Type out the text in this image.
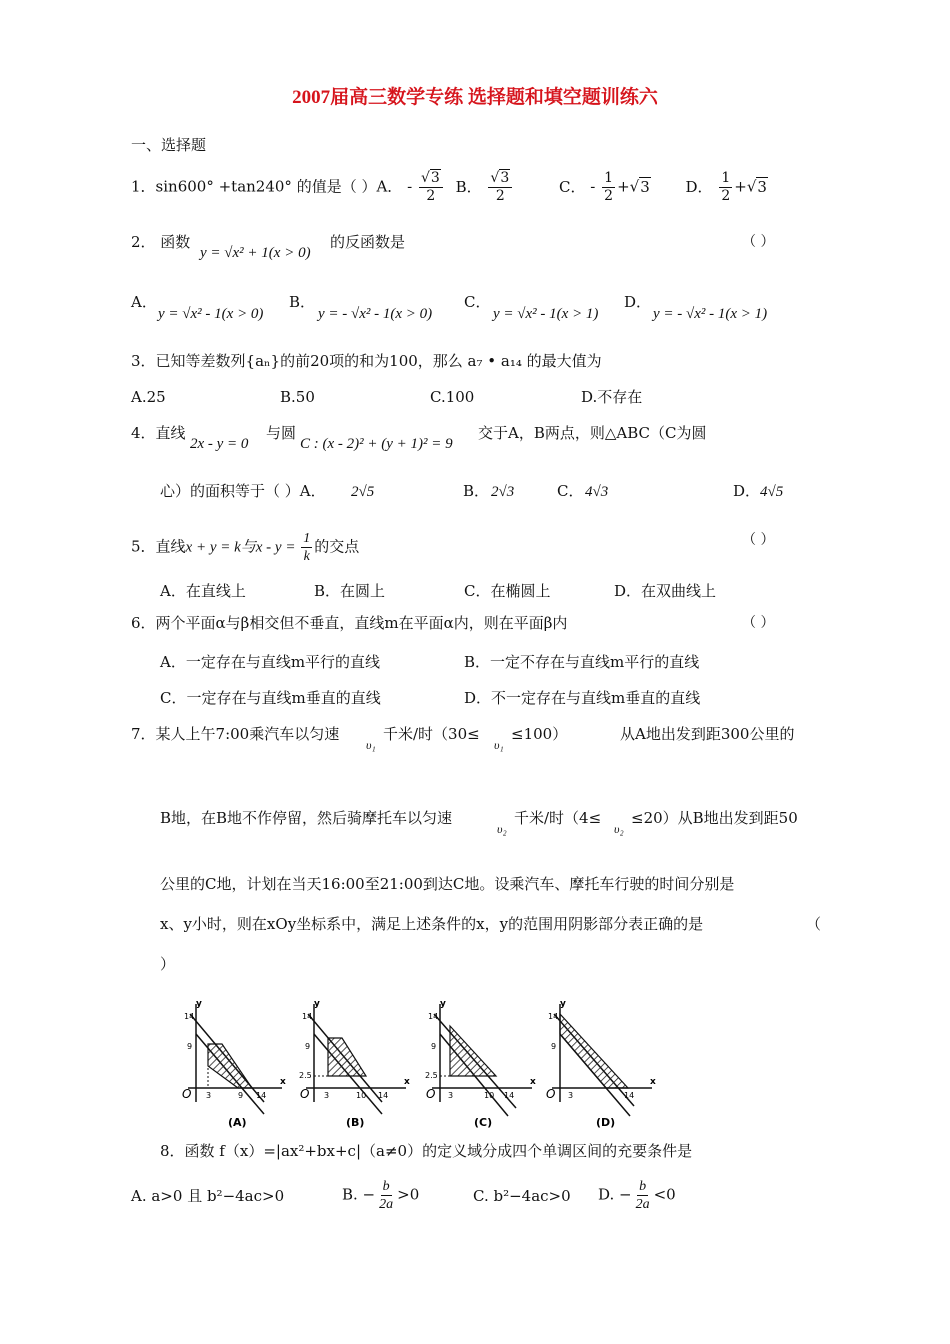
2007届高三数学专练 选择题和填空题训练六
一、选择题
1．sin600° +tan240° 的值是（ ）A． - $\frac{√3}{2}$ B． $\frac{√3}{2}$	C． - $\frac{1}{2} +√3$ D． $\frac{1}{2} +√3$
2． 函数
y = √x² + 1(x > 0)
的反函数是	（ ）
A．
y = √x² - 1(x > 0)
B．
y = - √x² - 1(x > 0)
C．
y = √x² - 1(x > 1)
D．
y = - √x² - 1(x > 1)
3．已知等差数列{aₙ}的前20项的和为100，那么 a₇ • a₁₄ 的最大值为
A.25	B.50	C.100	D.不存在
4．直线
2x - y = 0
与圆
C : (x - 2)² + (y + 1)² = 9
交于A，B两点，则△ABC（C为圆
心）的面积等于（ ）A． 2√5	B． 2√3	C． 4√3	D． 4√5
5．直线x + y = k与$x - y = \frac{1}{k}$ 的交点	（ ）
A．在直线上	B．在圆上	C．在椭圆上	D．在双曲线上
6．两个平面α与β相交但不垂直，直线m在平面α内，则在平面β内	（ ）
A．一定存在与直线m平行的直线	B．一定不存在与直线m平行的直线
C．一定存在与直线m垂直的直线	D．不一定存在与直线m垂直的直线
7．某人上午7:00乘汽车以匀速
υ₁
千米/时（30≤
υ₁
≤100）	从A地出发到距300公里的
B地，在B地不作停留，然后骑摩托车以匀速
υ₂
千米/时（4≤
υ₂
≤20）从B地出发到距50
公里的C地，计划在当天16:00至21:00到达C地。设乘汽车、摩托车行驶的时间分别是
x、y小时，则在xOy坐标系中，满足上述条件的x，y的范围用阴影部分表正确的是	（
）
y
x
14
9
3	9 14
O
(A)
y
x
14
9
2.5
3	10 14
O
(B)
y
x
14
9
2.5
3	10 14
O
(C)
y
x
14
9
3	14
O
(D)
8．函数 f（x）=|ax²+bx+c|（a≠0）的定义域分成四个单调区间的充要条件是
A. a>0 且 b²−4ac>0	B. − $\frac{b}{2a} >0$	C. b²−4ac>0 D. − $\frac{b}{2a} <0$
